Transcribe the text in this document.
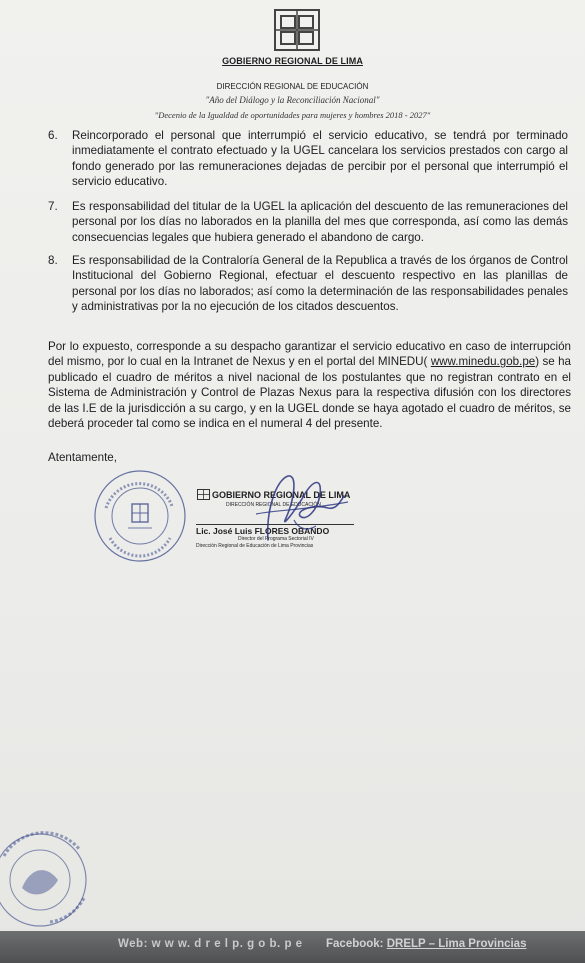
GOBIERNO REGIONAL DE LIMA
DIRECCIÓN REGIONAL DE EDUCACIÓN
"Año del Diálogo y la Reconciliación Nacional"
"Decenio de la Igualdad de oportunidades para mujeres y hombres 2018 - 2027"
6. Reincorporado el personal que interrumpió el servicio educativo, se tendrá por terminado inmediatamente el contrato efectuado y la UGEL cancelara los servicios prestados con cargo al fondo generado por las remuneraciones dejadas de percibir por el personal que interrumpió el servicio educativo.
7. Es responsabilidad del titular de la UGEL la aplicación del descuento de las remuneraciones del personal por los días no laborados en la planilla del mes que corresponda, así como las demás consecuencias legales que hubiera generado el abandono de cargo.
8. Es responsabilidad de la Contraloría General de la Republica a través de los órganos de Control Institucional del Gobierno Regional, efectuar el descuento respectivo en las planillas de personal por los días no laborados; así como la determinación de las responsabilidades penales y administrativas por la no ejecución de los citados descuentos.
Por lo expuesto, corresponde a su despacho garantizar el servicio educativo en caso de interrupción del mismo, por lo cual en la Intranet de Nexus y en el portal del MINEDU( www.minedu.gob.pe) se ha publicado el cuadro de méritos a nivel nacional de los postulantes que no registran contrato en el Sistema de Administración y Control de Plazas Nexus para la respectiva difusión con los directores de las I.E de la jurisdicción a su cargo, y en la UGEL donde se haya agotado el cuadro de méritos, se deberá proceder tal como se indica en el numeral 4 del presente.
Atentamente,
GOBIERNO REGIONAL DE LIMA
DIRECCIÓN REGIONAL DE EDUCACIÓN
Lic. José Luis FLORES OBANDO
Director del Programa Sectorial IV
Dirección Regional de Educación de Lima Provincias
Web: w w w. d r e l p. g o b. p e Facebook: DRELP – Lima Provincias
